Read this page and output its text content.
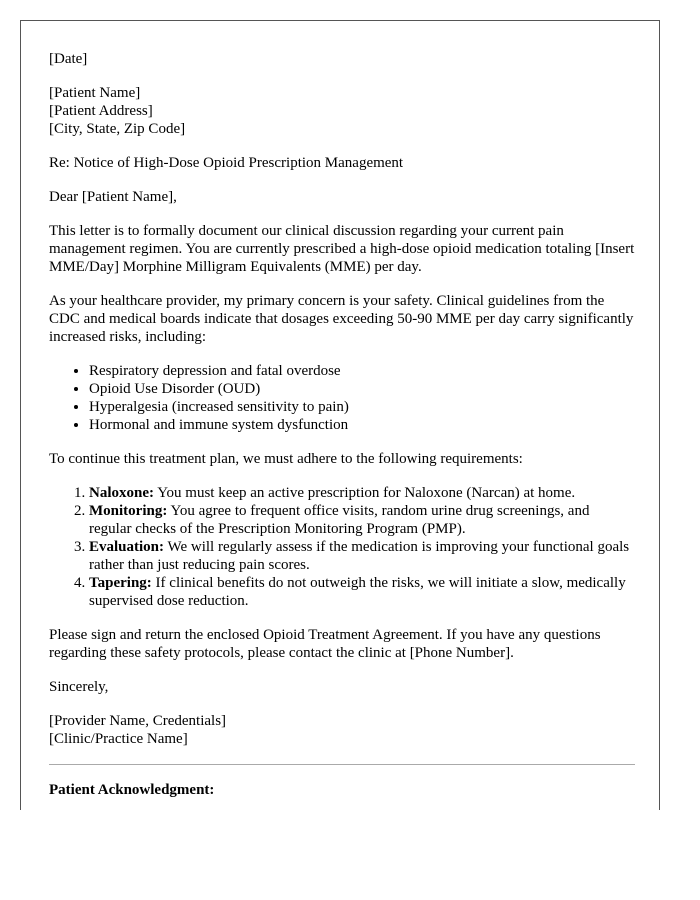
[Date]

[Patient Name]
[Patient Address]
[City, State, Zip Code]

Re: Notice of High-Dose Opioid Prescription Management

Dear [Patient Name],

This letter is to formally document our clinical discussion regarding your current pain management regimen. You are currently prescribed a high-dose opioid medication totaling [Insert MME/Day] Morphine Milligram Equivalents (MME) per day.

As your healthcare provider, my primary concern is your safety. Clinical guidelines from the CDC and medical boards indicate that dosages exceeding 50-90 MME per day carry significantly increased risks, including:

• Respiratory depression and fatal overdose
• Opioid Use Disorder (OUD)
• Hyperalgesia (increased sensitivity to pain)
• Hormonal and immune system dysfunction

To continue this treatment plan, we must adhere to the following requirements:

1. Naloxone: You must keep an active prescription for Naloxone (Narcan) at home.
2. Monitoring: You agree to frequent office visits, random urine drug screenings, and regular checks of the Prescription Monitoring Program (PMP).
3. Evaluation: We will regularly assess if the medication is improving your functional goals rather than just reducing pain scores.
4. Tapering: If clinical benefits do not outweigh the risks, we will initiate a slow, medically supervised dose reduction.

Please sign and return the enclosed Opioid Treatment Agreement. If you have any questions regarding these safety protocols, please contact the clinic at [Phone Number].

Sincerely,

[Provider Name, Credentials]
[Clinic/Practice Name]

Patient Acknowledgment:
